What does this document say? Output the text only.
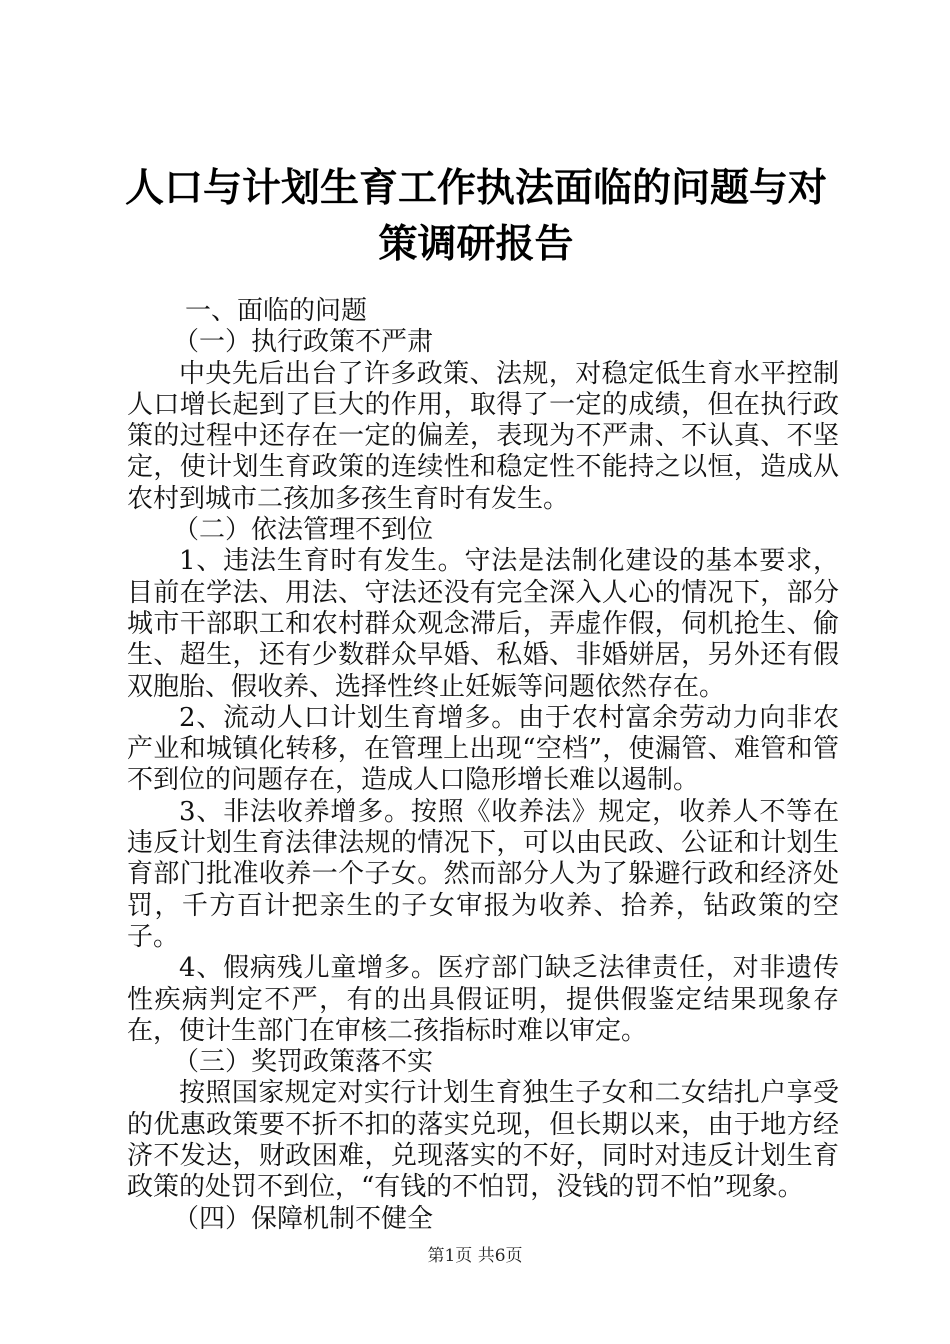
人口与计划生育工作执法面临的问题与对策调研报告

一、面临的问题

（一）执行政策不严肃

中央先后出台了许多政策、法规，对稳定低生育水平控制人口增长起到了巨大的作用，取得了一定的成绩，但在执行政策的过程中还存在一定的偏差，表现为不严肃、不认真、不坚定，使计划生育政策的连续性和稳定性不能持之以恒，造成从农村到城市二孩加多孩生育时有发生。

（二）依法管理不到位

1、违法生育时有发生。守法是法制化建设的基本要求，目前在学法、用法、守法还没有完全深入人心的情况下，部分城市干部职工和农村群众观念滞后，弄虚作假，伺机抢生、偷生、超生，还有少数群众早婚、私婚、非婚姘居，另外还有假双胞胎、假收养、选择性终止妊娠等问题依然存在。

2、流动人口计划生育增多。由于农村富余劳动力向非农产业和城镇化转移，在管理上出现“空档”，使漏管、难管和管不到位的问题存在，造成人口隐形增长难以遏制。

3、非法收养增多。按照《收养法》规定，收养人不等在违反计划生育法律法规的情况下，可以由民政、公证和计划生育部门批准收养一个子女。然而部分人为了躲避行政和经济处罚，千方百计把亲生的子女审报为收养、拾养，钻政策的空子。

4、假病残儿童增多。医疗部门缺乏法律责任，对非遗传性疾病判定不严，有的出具假证明，提供假鉴定结果现象存在，使计生部门在审核二孩指标时难以审定。

（三）奖罚政策落不实

按照国家规定对实行计划生育独生子女和二女结扎户享受的优惠政策要不折不扣的落实兑现，但长期以来，由于地方经济不发达，财政困难，兑现落实的不好，同时对违反计划生育政策的处罚不到位，“有钱的不怕罚，没钱的罚不怕”现象。

（四）保障机制不健全

第1页 共6页
